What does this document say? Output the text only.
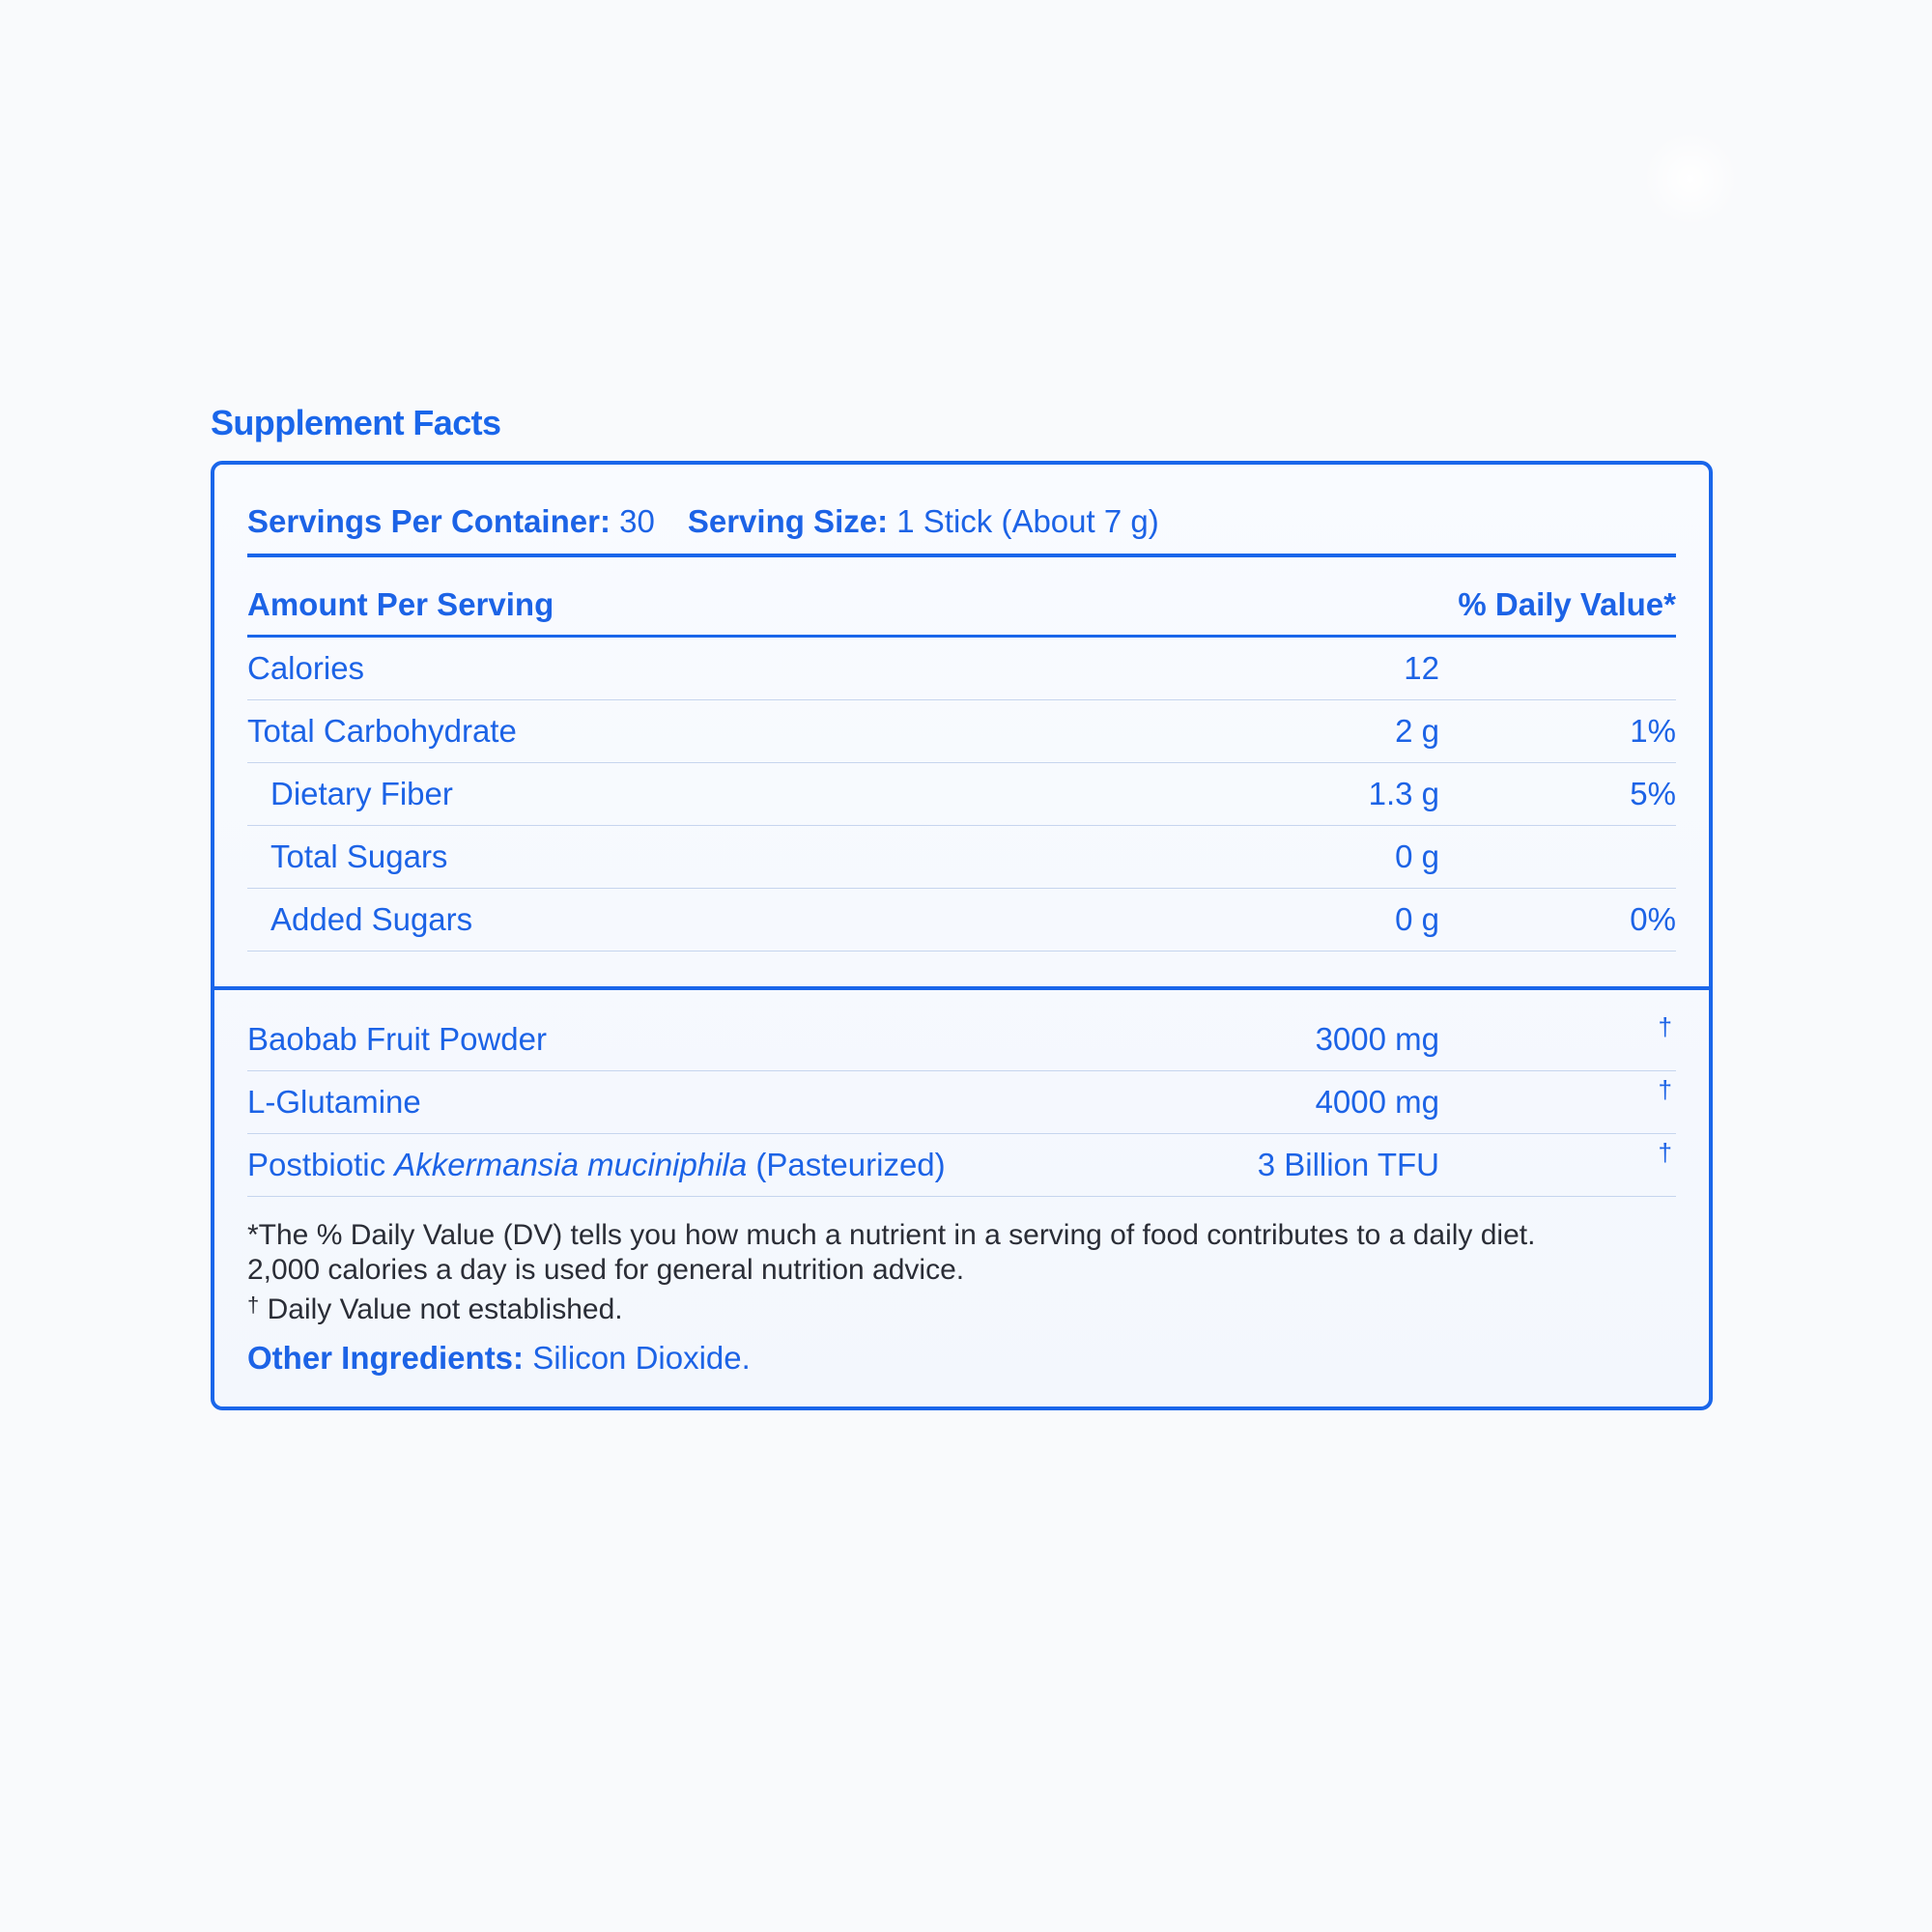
Supplement Facts
Servings Per Container:
30 Serving Size:
1 Stick (About 7 g)
Amount Per Serving	% Daily Value*
Calories	12
Total Carbohydrate	2 g	1%
Dietary Fiber	1.3 g	5%
Total Sugars	0 g
Added Sugars	0 g	0%
Baobab Fruit Powder	3000 mg	†
L-Glutamine	4000 mg	†
Postbiotic Akkermansia muciniphila (Pasteurized)	3 Billion TFU	†
*The % Daily Value (DV) tells you how much a nutrient in a serving of food contributes to a daily diet.
2,000 calories a day is used for general nutrition advice.
† Daily Value not established.
Other Ingredients: Silicon Dioxide.
